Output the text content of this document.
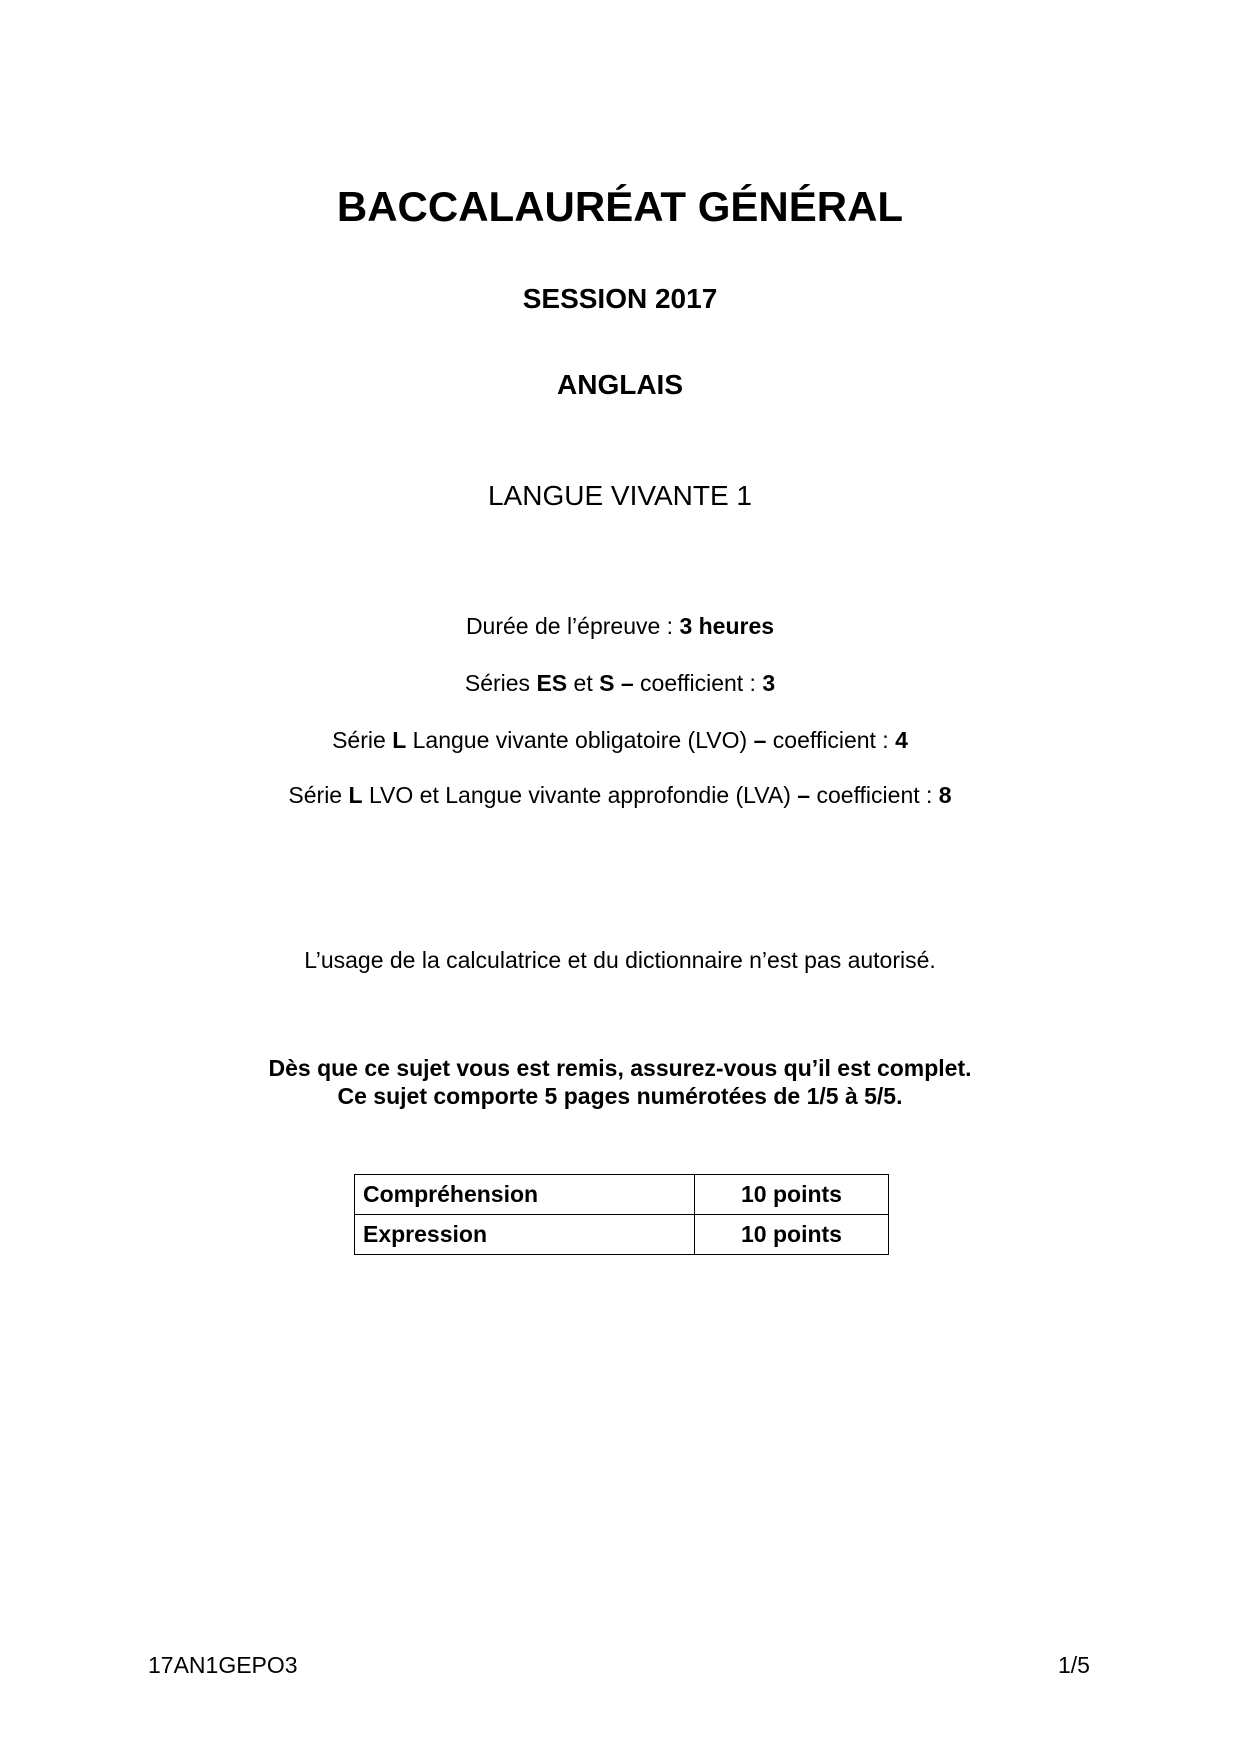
BACCALAURÉAT GÉNÉRAL
SESSION 2017
ANGLAIS
LANGUE VIVANTE 1
Durée de l’épreuve : 3 heures
Séries ES et S – coefficient : 3
Série L Langue vivante obligatoire (LVO) – coefficient : 4
Série L LVO et Langue vivante approfondie (LVA) – coefficient : 8
L’usage de la calculatrice et du dictionnaire n’est pas autorisé.
Dès que ce sujet vous est remis, assurez-vous qu’il est complet.
Ce sujet comporte 5 pages numérotées de 1/5 à 5/5.
Compréhension	10 points
Expression	10 points
17AN1GEPO3	1/5
